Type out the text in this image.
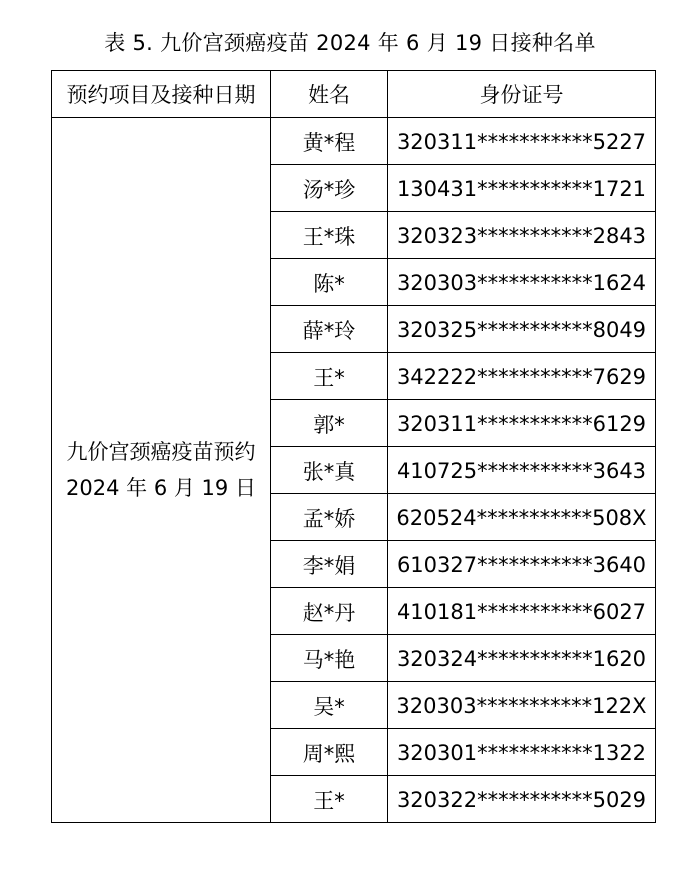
表 5. 九价宫颈癌疫苗 2024 年 6 月 19 日接种名单
预约项目及接种日期	姓名	身份证号

九价宫颈癌疫苗预约
2024 年 6 月 19 日	黄*程	320311***********5227
	汤*珍	130431***********1721
	王*珠	320323***********2843
	陈*	320303***********1624
	薛*玲	320325***********8049
	王*	342222***********7629
	郭*	320311***********6129
	张*真	410725***********3643
	孟*娇	620524***********508X
	李*娟	610327***********3640
	赵*丹	410181***********6027
	马*艳	320324***********1620
	吴*	320303***********122X
	周*熙	320301***********1322
	王*	320322***********5029
